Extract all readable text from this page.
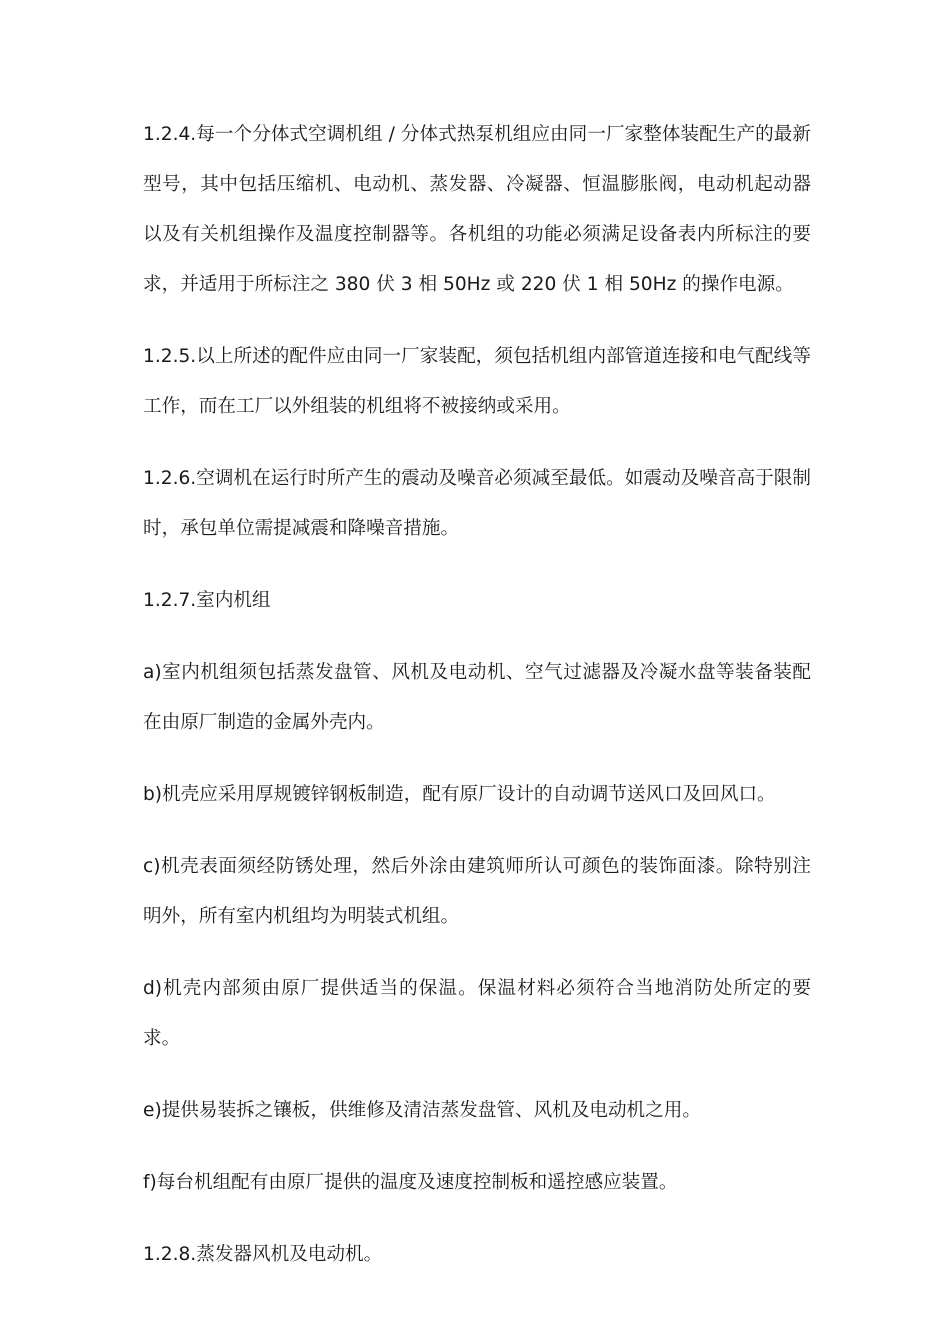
1.2.4.每一个分体式空调机组 / 分体式热泵机组应由同一厂家整体装配生产的最新型号，其中包括压缩机、电动机、蒸发器、冷凝器、恒温膨胀阀，电动机起动器以及有关机组操作及温度控制器等。各机组的功能必须满足设备表内所标注的要求，并适用于所标注之 380 伏 3 相 50Hz 或 220 伏 1 相 50Hz 的操作电源。

1.2.5.以上所述的配件应由同一厂家装配，须包括机组内部管道连接和电气配线等工作，而在工厂以外组装的机组将不被接纳或采用。

1.2.6.空调机在运行时所产生的震动及噪音必须减至最低。如震动及噪音高于限制时，承包单位需提减震和降噪音措施。

1.2.7.室内机组

a)室内机组须包括蒸发盘管、风机及电动机、空气过滤器及冷凝水盘等装备装配在由原厂制造的金属外壳内。

b)机壳应采用厚规镀锌钢板制造，配有原厂设计的自动调节送风口及回风口。

c)机壳表面须经防锈处理，然后外涂由建筑师所认可颜色的装饰面漆。除特别注明外，所有室内机组均为明装式机组。

d)机壳内部须由原厂提供适当的保温。保温材料必须符合当地消防处所定的要求。

e)提供易装拆之镶板，供维修及清洁蒸发盘管、风机及电动机之用。

f)每台机组配有由原厂提供的温度及速度控制板和遥控感应装置。

1.2.8.蒸发器风机及电动机。
